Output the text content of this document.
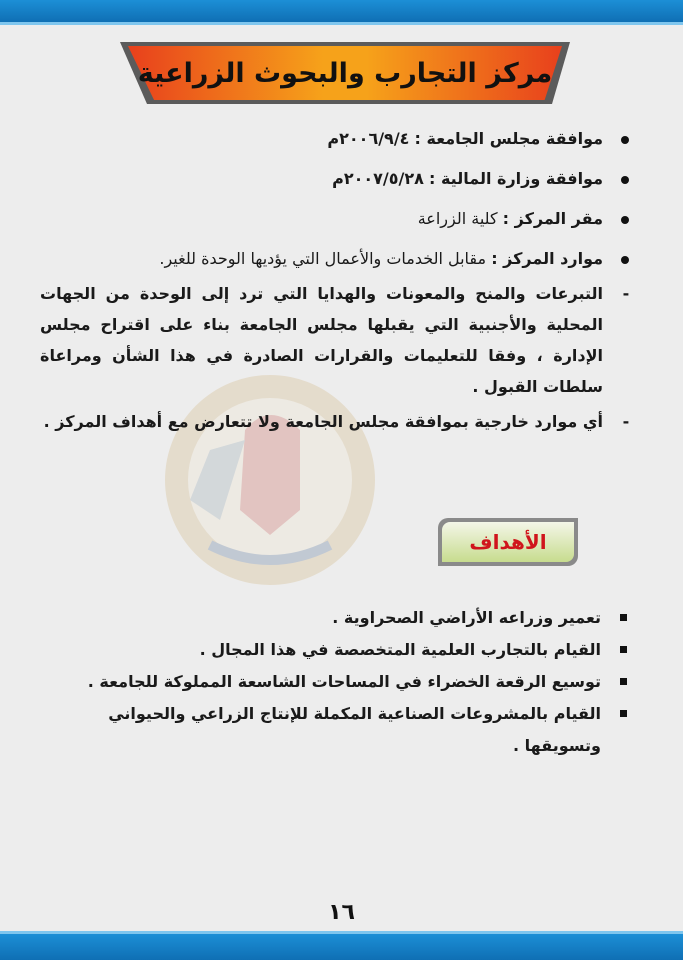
مركز التجارب والبحوث الزراعية
موافقة مجلس الجامعة : ٢٠٠٦/٩/٤م
موافقة وزارة المالية : ٢٠٠٧/٥/٢٨م
مقر المركز : كلية الزراعة
موارد المركز : مقابل الخدمات والأعمال التي يؤديها الوحدة للغير.
-
التبرعات والمنح والمعونات والهدايا التي ترد إلى الوحدة من الجهات المحلية والأجنبية التي يقبلها مجلس الجامعة بناء على اقتراح مجلس الإدارة ، وفقا للتعليمات والقرارات الصادرة في هذا الشأن ومراعاة سلطات القبول .
-
أي موارد خارجية بموافقة مجلس الجامعة ولا تتعارض مع أهداف المركز .
الأهداف
تعمير وزراعه الأراضي الصحراوية .
القيام بالتجارب العلمية المتخصصة في هذا المجال .
توسيع الرقعة الخضراء في المساحات الشاسعة المملوكة للجامعة .
القيام بالمشروعات الصناعية المكملة للإنتاج الزراعي والحيواني وتسويقها .
١٦
